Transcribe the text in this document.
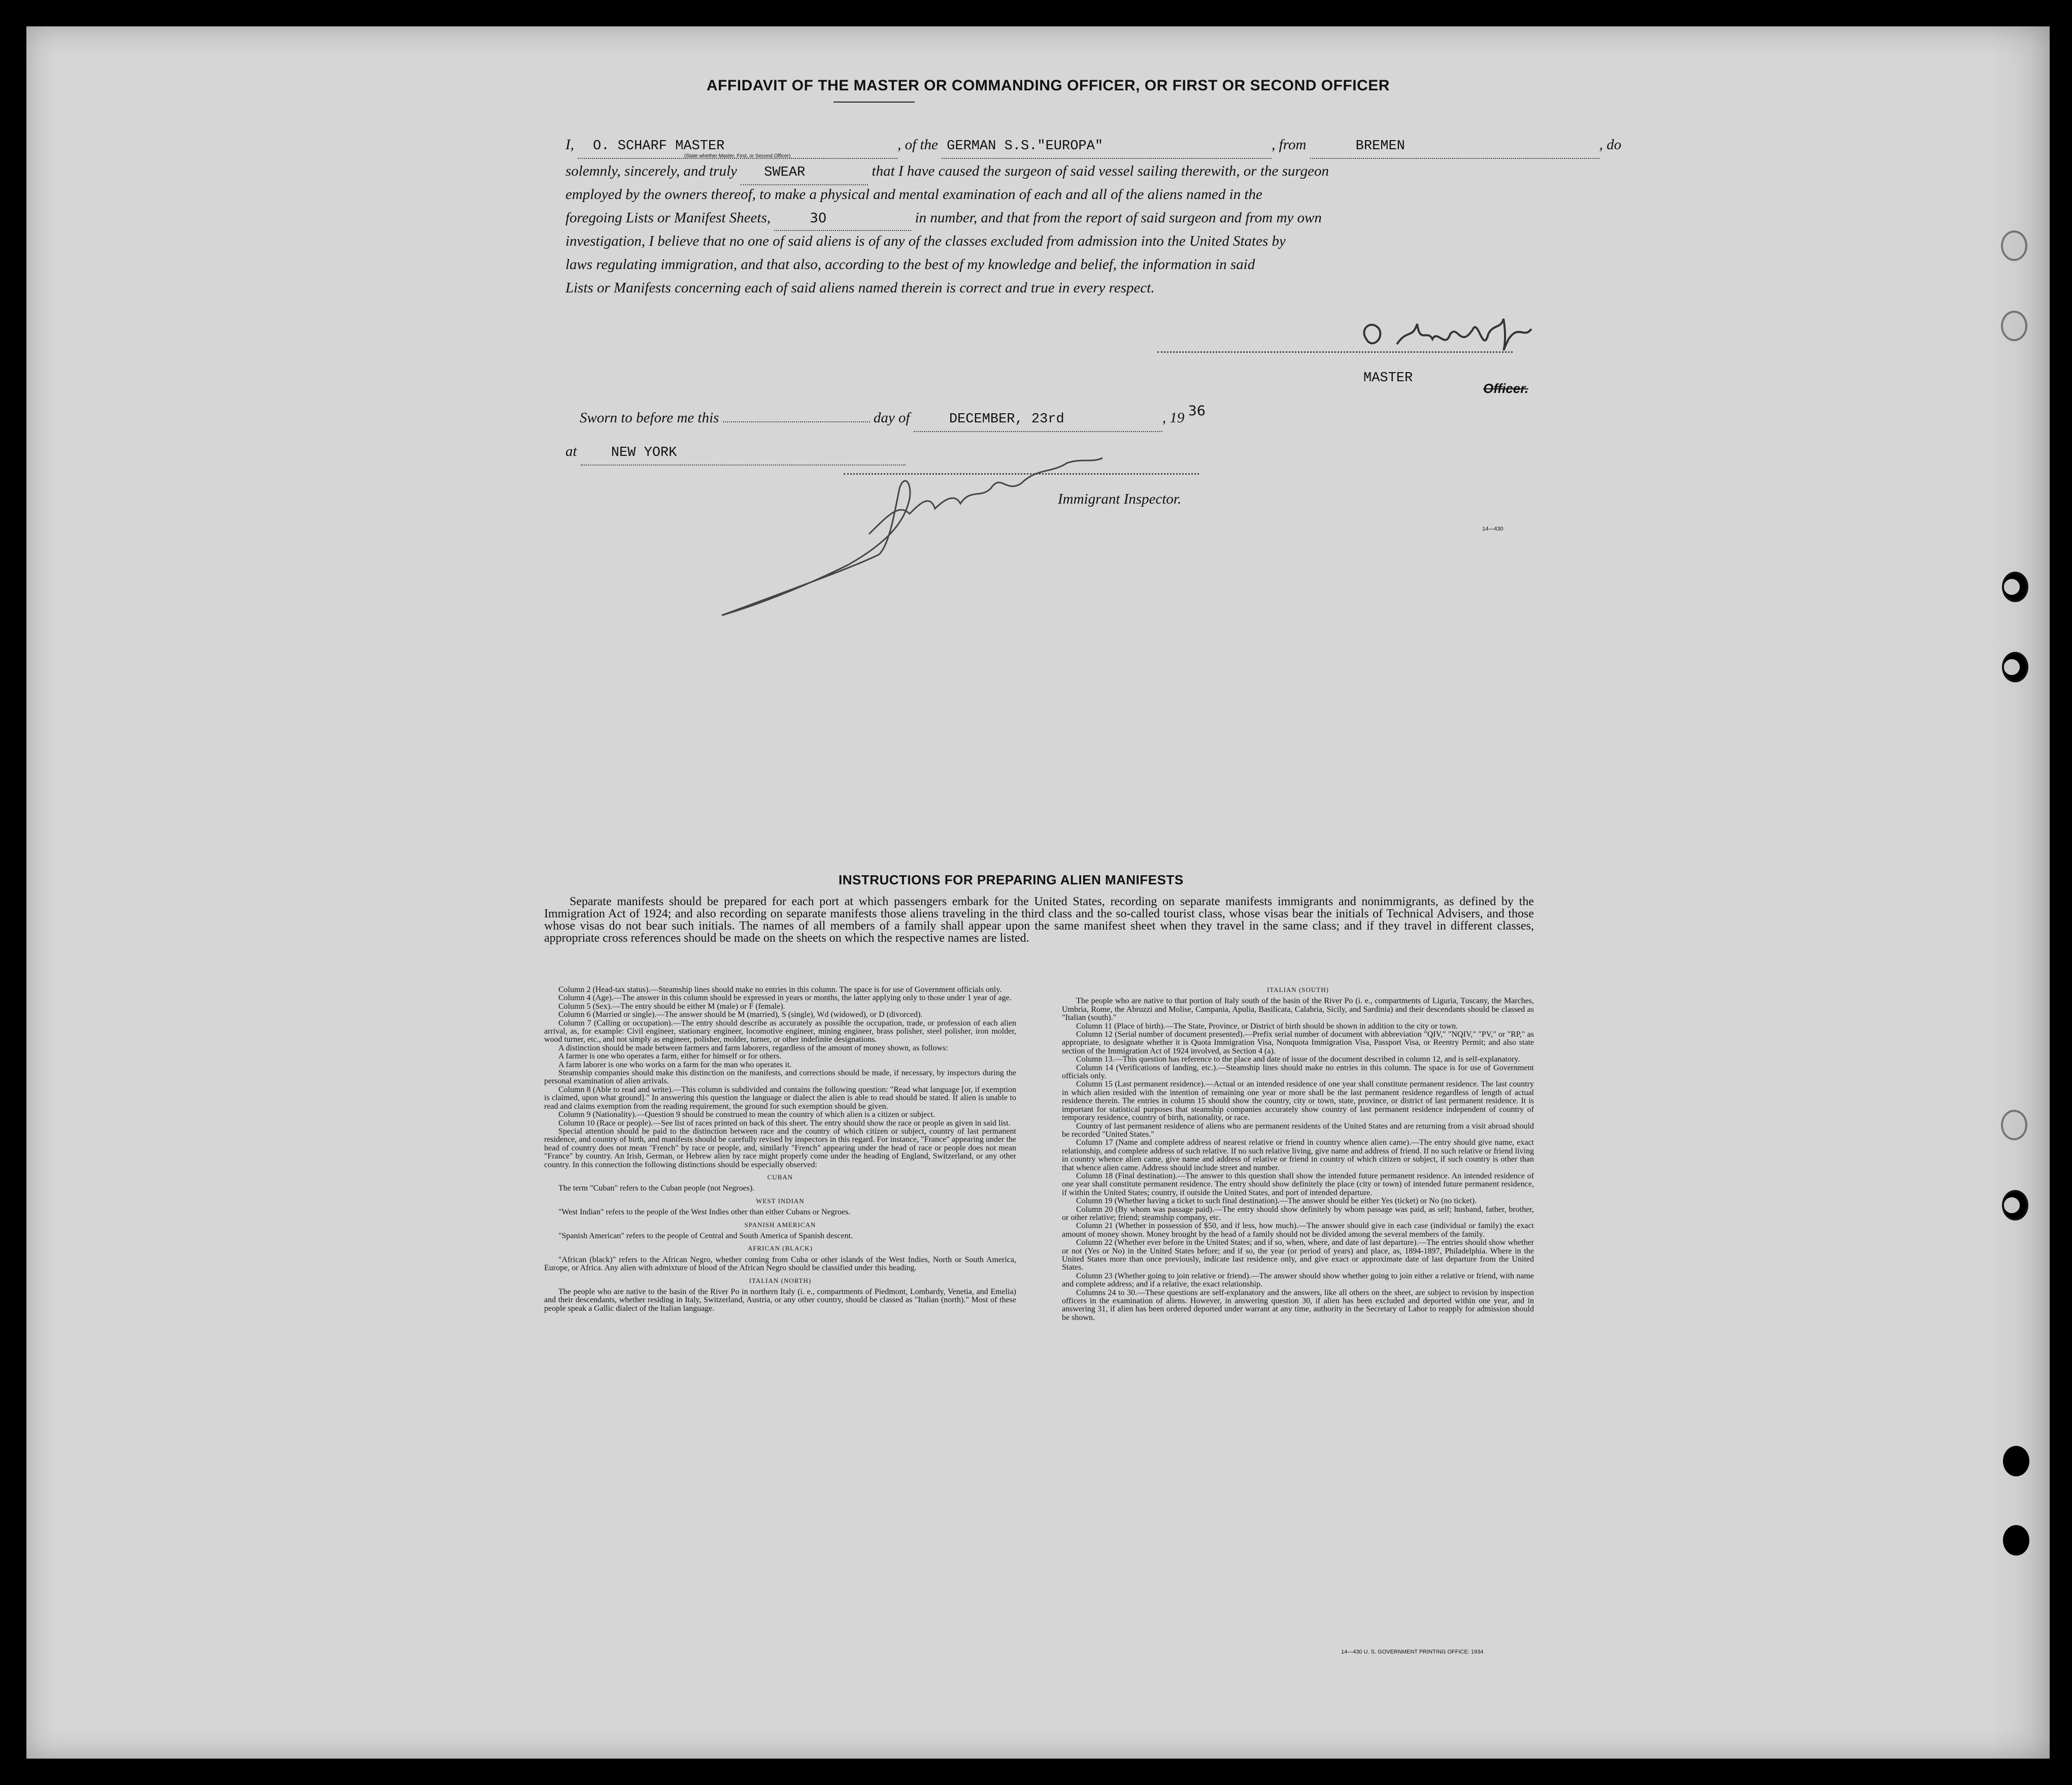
AFFIDAVIT OF THE MASTER OR COMMANDING OFFICER, OR FIRST OR SECOND OFFICER
I, O. SCHARF MASTER	, of the GERMAN S.S."EUROPA"	, from	BREMEN	, do
(State whether Master, First, or Second Officer)
solemnly, sincerely, and truly SWEAR	that I have caused the surgeon of said vessel sailing therewith, or the surgeon
employed by the owners thereof, to make a physical and mental examination of each and all of the aliens named in the
foregoing Lists or Manifest Sheets,	30	in number, and that from the report of said surgeon and from my own
investigation, I believe that no one of said aliens is of any of the classes excluded from admission into the United States by
laws regulating immigration, and that also, according to the best of my knowledge and belief, the information in said
Lists or Manifests concerning each of said aliens named therein is correct and true in every respect.
MASTER
Officer.
Sworn to before me this	day of	DECEMBER, 23rd	, 19 36
at NEW YORK
Immigrant Inspector.
14—430
INSTRUCTIONS FOR PREPARING ALIEN MANIFESTS
Separate manifests should be prepared for each port at which passengers embark for the United States, recording on separate manifests immigrants and nonimmigrants, as defined by the Immigration Act of 1924; and also recording on separate manifests those aliens traveling in the third class and the so-called tourist class, whose visas bear the initials of Technical Advisers, and those whose visas do not bear such initials. The names of all members of a family shall appear upon the same manifest sheet when they travel in the same class; and if they travel in different classes, appropriate cross references should be made on the sheets on which the respective names are listed.

Column 2 (Head-tax status).—Steamship lines should make no entries in this column. The space is for use of Government officials only.

Column 4 (Age).—The answer in this column should be expressed in years or months, the latter applying only to those under 1 year of age.

Column 5 (Sex).—The entry should be either M (male) or F (female).

Column 6 (Married or single).—The answer should be M (married), S (single), Wd (widowed), or D (divorced).

Column 7 (Calling or occupation).—The entry should describe as accurately as possible the occupation, trade, or profession of each alien arrival, as, for example: Civil engineer, stationary engineer, locomotive engineer, mining engineer, brass polisher, steel polisher, iron molder, wood turner, etc., and not simply as engineer, polisher, molder, turner, or other indefinite designations.

A distinction should be made between farmers and farm laborers, regardless of the amount of money shown, as follows:

A farmer is one who operates a farm, either for himself or for others.

A farm laborer is one who works on a farm for the man who operates it.

Steamship companies should make this distinction on the manifests, and corrections should be made, if necessary, by inspectors during the personal examination of alien arrivals.

Column 8 (Able to read and write).—This column is subdivided and contains the following question: "Read what language [or, if exemption is claimed, upon what ground]." In answering this question the language or dialect the alien is able to read should be stated. If alien is unable to read and claims exemption from the reading requirement, the ground for such exemption should be given.

Column 9 (Nationality).—Question 9 should be construed to mean the country of which alien is a citizen or subject.

Column 10 (Race or people).—See list of races printed on back of this sheet. The entry should show the race or people as given in said list.

Special attention should be paid to the distinction between race and the country of which citizen or subject, country of last permanent residence, and country of birth, and manifests should be carefully revised by inspectors in this regard. For instance, "France" appearing under the head of country does not mean "French" by race or people, and, similarly "French" appearing under the head of race or people does not mean "France" by country. An Irish, German, or Hebrew alien by race might properly come under the heading of England, Switzerland, or any other country. In this connection the following distinctions should be especially observed:

CUBAN

The term "Cuban" refers to the Cuban people (not Negroes).

WEST INDIAN

"West Indian" refers to the people of the West Indies other than either Cubans or Negroes.

SPANISH AMERICAN

"Spanish American" refers to the people of Central and South America of Spanish descent.

AFRICAN (BLACK)

"African (black)" refers to the African Negro, whether coming from Cuba or other islands of the West Indies, North or South America, Europe, or Africa. Any alien with admixture of blood of the African Negro should be classified under this heading.

ITALIAN (NORTH)

The people who are native to the basin of the River Po in northern Italy (i. e., compartments of Piedmont, Lombardy, Venetia, and Emelia) and their descendants, whether residing in Italy, Switzerland, Austria, or any other country, should be classed as "Italian (north)." Most of these people speak a Gallic dialect of the Italian language.

ITALIAN (SOUTH)

The people who are native to that portion of Italy south of the basin of the River Po (i. e., compartments of Liguria, Tuscany, the Marches, Umbria, Rome, the Abruzzi and Molise, Campania, Apulia, Basilicata, Calabria, Sicily, and Sardinia) and their descendants should be classed as "Italian (south)."

Column 11 (Place of birth).—The State, Province, or District of birth should be shown in addition to the city or town.

Column 12 (Serial number of document presented).—Prefix serial number of document with abbreviation "QIV," "NQIV," "PV," or "RP," as appropriate, to designate whether it is Quota Immigration Visa, Nonquota Immigration Visa, Passport Visa, or Reentry Permit; and also state section of the Immigration Act of 1924 involved, as Section 4 (a).

Column 13.—This question has reference to the place and date of issue of the document described in column 12, and is self-explanatory.

Column 14 (Verifications of landing, etc.).—Steamship lines should make no entries in this column. The space is for use of Government officials only.

Column 15 (Last permanent residence).—Actual or an intended residence of one year shall constitute permanent residence. The last country in which alien resided with the intention of remaining one year or more shall be the last permanent residence regardless of length of actual residence therein. The entries in column 15 should show the country, city or town, state, province, or district of last permanent residence. It is important for statistical purposes that steamship companies accurately show country of last permanent residence independent of country of temporary residence, country of birth, nationality, or race.

Country of last permanent residence of aliens who are permanent residents of the United States and are returning from a visit abroad should be recorded "United States."

Column 17 (Name and complete address of nearest relative or friend in country whence alien came).—The entry should give name, exact relationship, and complete address of such relative. If no such relative living, give name and address of friend. If no such relative or friend living in country whence alien came, give name and address of relative or friend in country of which citizen or subject, if such country is other than that whence alien came. Address should include street and number.

Column 18 (Final destination).—The answer to this question shall show the intended future permanent residence. An intended residence of one year shall constitute permanent residence. The entry should show definitely the place (city or town) of intended future permanent residence, if within the United States; country, if outside the United States, and port of intended departure.

Column 19 (Whether having a ticket to such final destination).—The answer should be either Yes (ticket) or No (no ticket).

Column 20 (By whom was passage paid).—The entry should show definitely by whom passage was paid, as self; husband, father, brother, or other relative; friend; steamship company, etc.

Column 21 (Whether in possession of $50, and if less, how much).—The answer should give in each case (individual or family) the exact amount of money shown. Money brought by the head of a family should not be divided among the several members of the family.

Column 22 (Whether ever before in the United States; and if so, when, where, and date of last departure).—The entries should show whether or not (Yes or No) in the United States before; and if so, the year (or period of years) and place, as, 1894-1897, Philadelphia. Where in the United States more than once previously, indicate last residence only, and give exact or approximate date of last departure from the United States.

Column 23 (Whether going to join relative or friend).—The answer should show whether going to join either a relative or friend, with name and complete address; and if a relative, the exact relationship.

Columns 24 to 30.—These questions are self-explanatory and the answers, like all others on the sheet, are subject to revision by inspection officers in the examination of aliens. However, in answering question 30, if alien has been excluded and deported within one year, and in answering 31, if alien has been ordered deported under warrant at any time, authority in the Secretary of Labor to reapply for admission should be shown.

14—430 U. S. GOVERNMENT PRINTING OFFICE: 1934
